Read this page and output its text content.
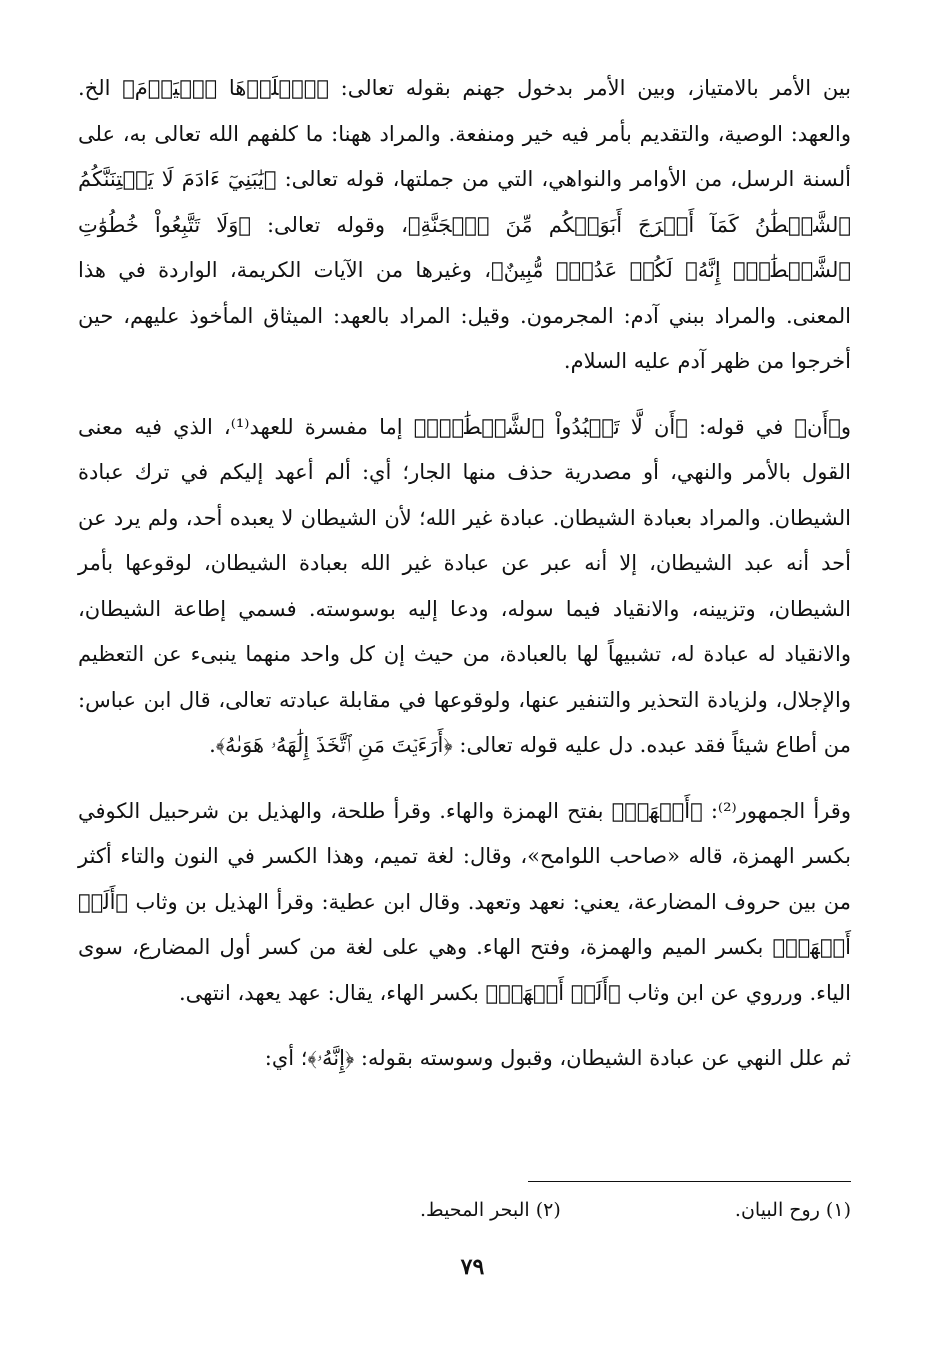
بين الأمر بالامتياز، وبين الأمر بدخول جهنم بقوله تعالى: ﴿ٱصۡلَوۡهَا ٱلۡيَوۡمَ﴾ الخ. والعهد: الوصية، والتقديم بأمر فيه خير ومنفعة. والمراد ههنا: ما كلفهم الله تعالى به، على ألسنة الرسل، من الأوامر والنواهي، التي من جملتها، قوله تعالى: ﴿يَٰبَنِيٓ ءَادَمَ لَا يَفۡتِنَنَّكُمُ ٱلشَّيۡطَٰنُ كَمَآ أَخۡرَجَ أَبَوَيۡكُم مِّنَ ٱلۡجَنَّةِ﴾، وقوله تعالى: ﴿وَلَا تَتَّبِعُواْ خُطُوَٰتِ ٱلشَّيۡطَٰنِۚ إِنَّهُۥ لَكُمۡ عَدُوّٞ مُّبِينٌ﴾، وغيرها من الآيات الكريمة، الواردة في هذا المعنى. والمراد ببني آدم: المجرمون. وقيل: المراد بالعهد: الميثاق المأخوذ عليهم، حين أخرجوا من ظهر آدم عليه السلام.

و﴿أَن﴾ في قوله: ﴿أَن لَّا تَعۡبُدُواْ ٱلشَّيۡطَٰنَۖ﴾ إما مفسرة للعهد⁽¹⁾، الذي فيه معنى القول بالأمر والنهي، أو مصدرية حذف منها الجار؛ أي: ألم أعهد إليكم في ترك عبادة الشيطان. والمراد بعبادة الشيطان. عبادة غير الله؛ لأن الشيطان لا يعبده أحد، ولم يرد عن أحد أنه عبد الشيطان، إلا أنه عبر عن عبادة غير الله بعبادة الشيطان، لوقوعها بأمر الشيطان، وتزيينه، والانقياد فيما سوله، ودعا إليه بوسوسته. فسمي إطاعة الشيطان، والانقياد له عبادة له، تشبيهاً لها بالعبادة، من حيث إن كل واحد منهما ينبىء عن التعظيم والإجلال، ولزيادة التحذير والتنفير عنها، ولوقوعها في مقابلة عبادته تعالى، قال ابن عباس: من أطاع شيئاً فقد عبده. دل عليه قوله تعالى: ﴿أَرَءَيۡتَ مَنِ ٱتَّخَذَ إِلَٰهَهُۥ هَوَىٰهُ﴾.

وقرأ الجمهور⁽²⁾: ﴿أَعۡهَدۡ﴾ بفتح الهمزة والهاء. وقرأ طلحة، والهذيل بن شرحبيل الكوفي بكسر الهمزة، قاله «صاحب اللوامح»، وقال: لغة تميم، وهذا الكسر في النون والتاء أكثر من بين حروف المضارعة، يعني: نعهد وتعهد. وقال ابن عطية: وقرأ الهذيل بن وثاب ﴿أَلَمۡ أَعۡهَدۡ﴾ بكسر الميم والهمزة، وفتح الهاء. وهي على لغة من كسر أول المضارع، سوى الياء. ورروي عن ابن وثاب ﴿أَلَمۡ أَعۡهَدۡ﴾ بكسر الهاء، يقال: عهد يعهد، انتهى.

ثم علل النهي عن عبادة الشيطان، وقبول وسوسته بقوله: ﴿إِنَّهُۥ﴾؛ أي:

(١) روح البيان.
(٢) البحر المحيط.
٧٩
